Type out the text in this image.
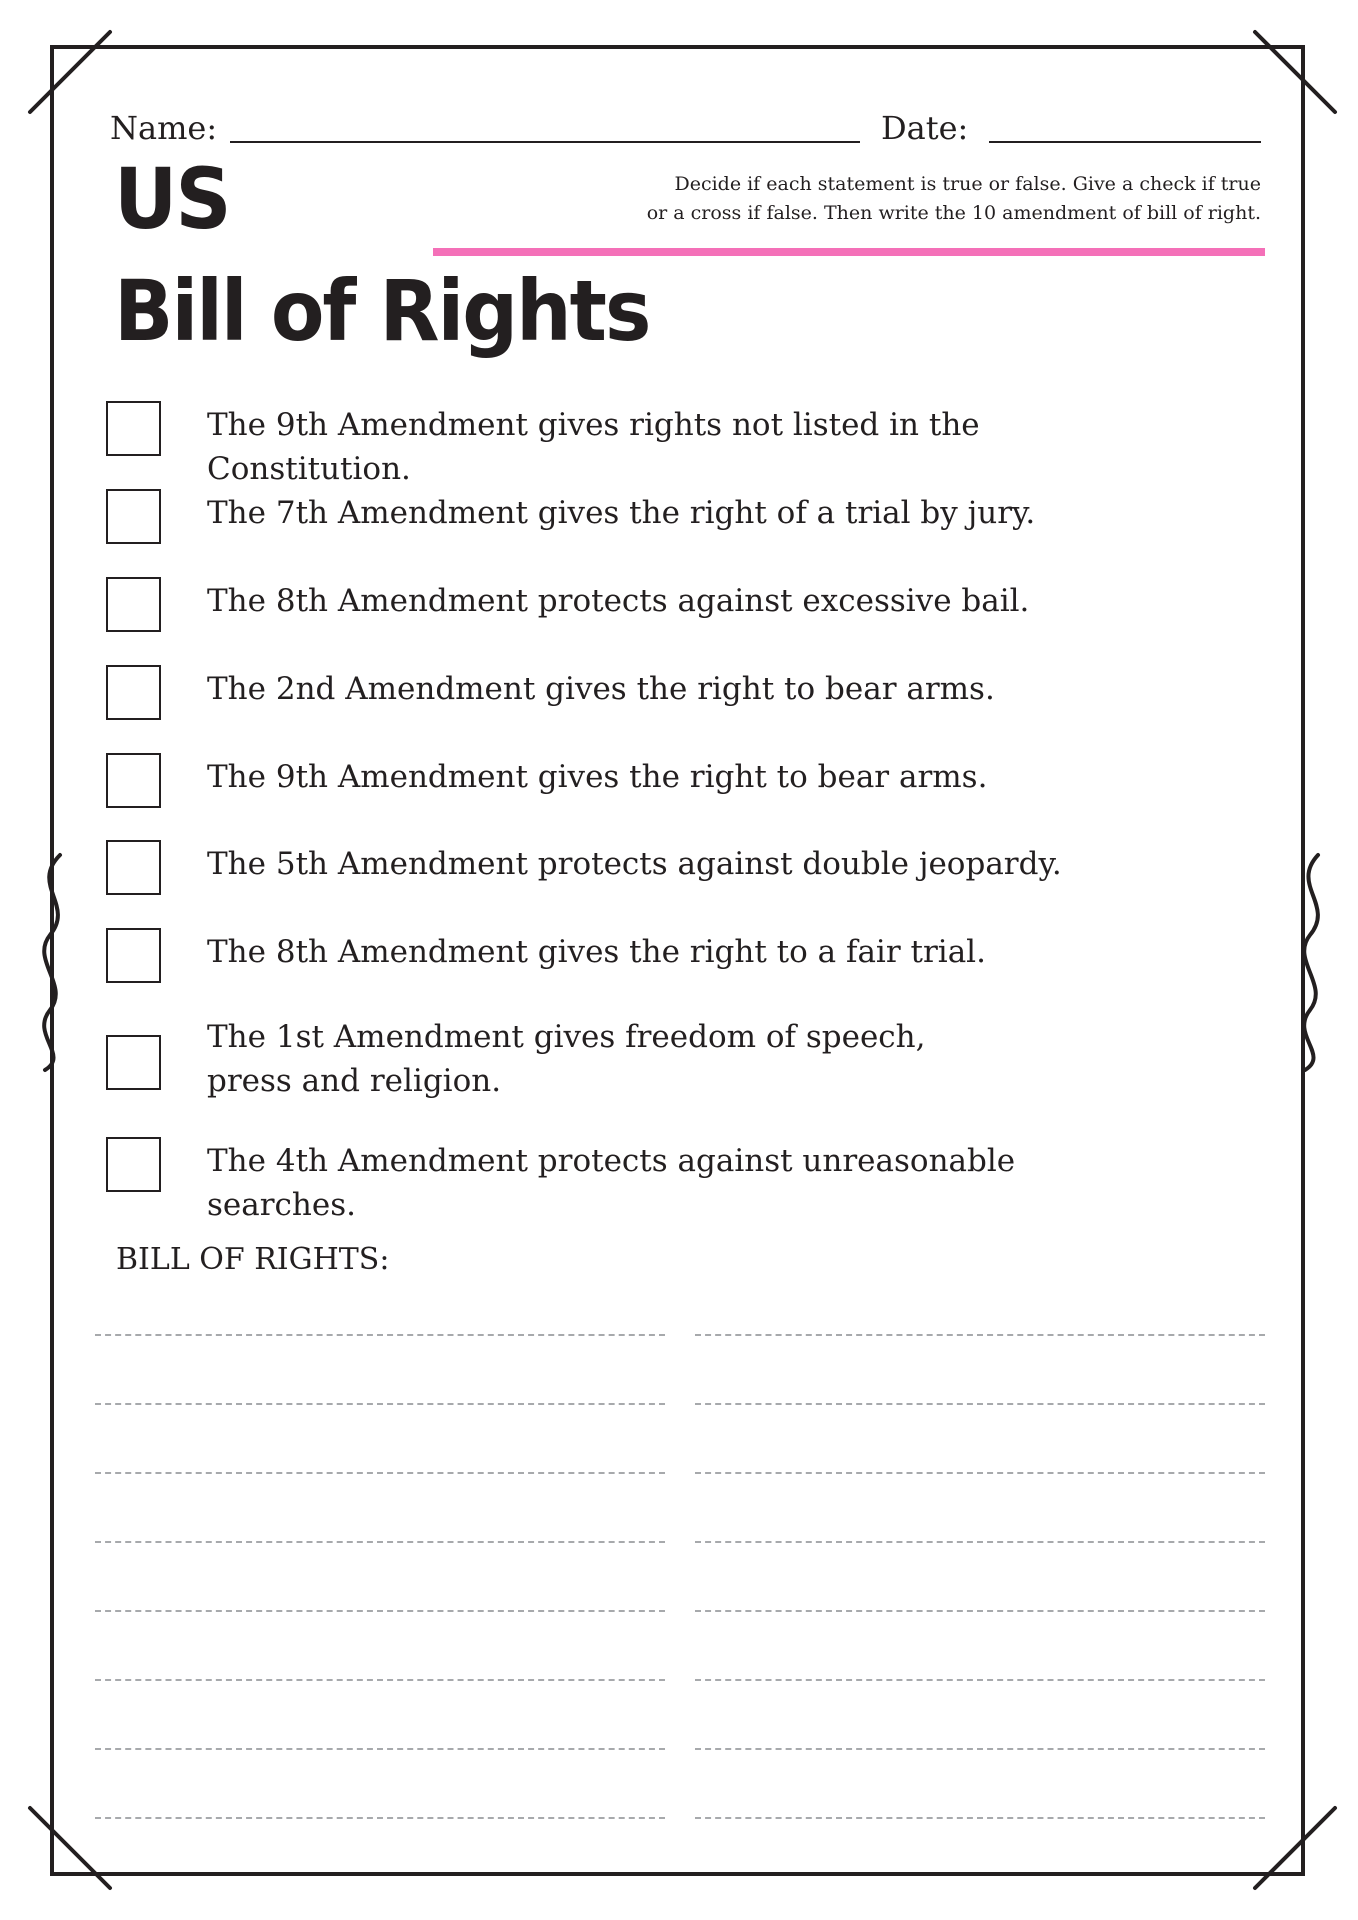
Name:	Date:
US
Bill of Rights
Decide if each statement is true or false. Give a check if true
or a cross if false. Then write the 10 amendment of bill of right.
The 9th Amendment gives rights not listed in the Constitution.
The 7th Amendment gives the right of a trial by jury.
The 8th Amendment protects against excessive bail.
The 2nd Amendment gives the right to bear arms.
The 9th Amendment gives the right to bear arms.
The 5th Amendment protects against double jeopardy.
The 8th Amendment gives the right to a fair trial.
The 1st Amendment gives freedom of speech, press and religion.
The 4th Amendment protects against unreasonable searches.
BILL OF RIGHTS:
